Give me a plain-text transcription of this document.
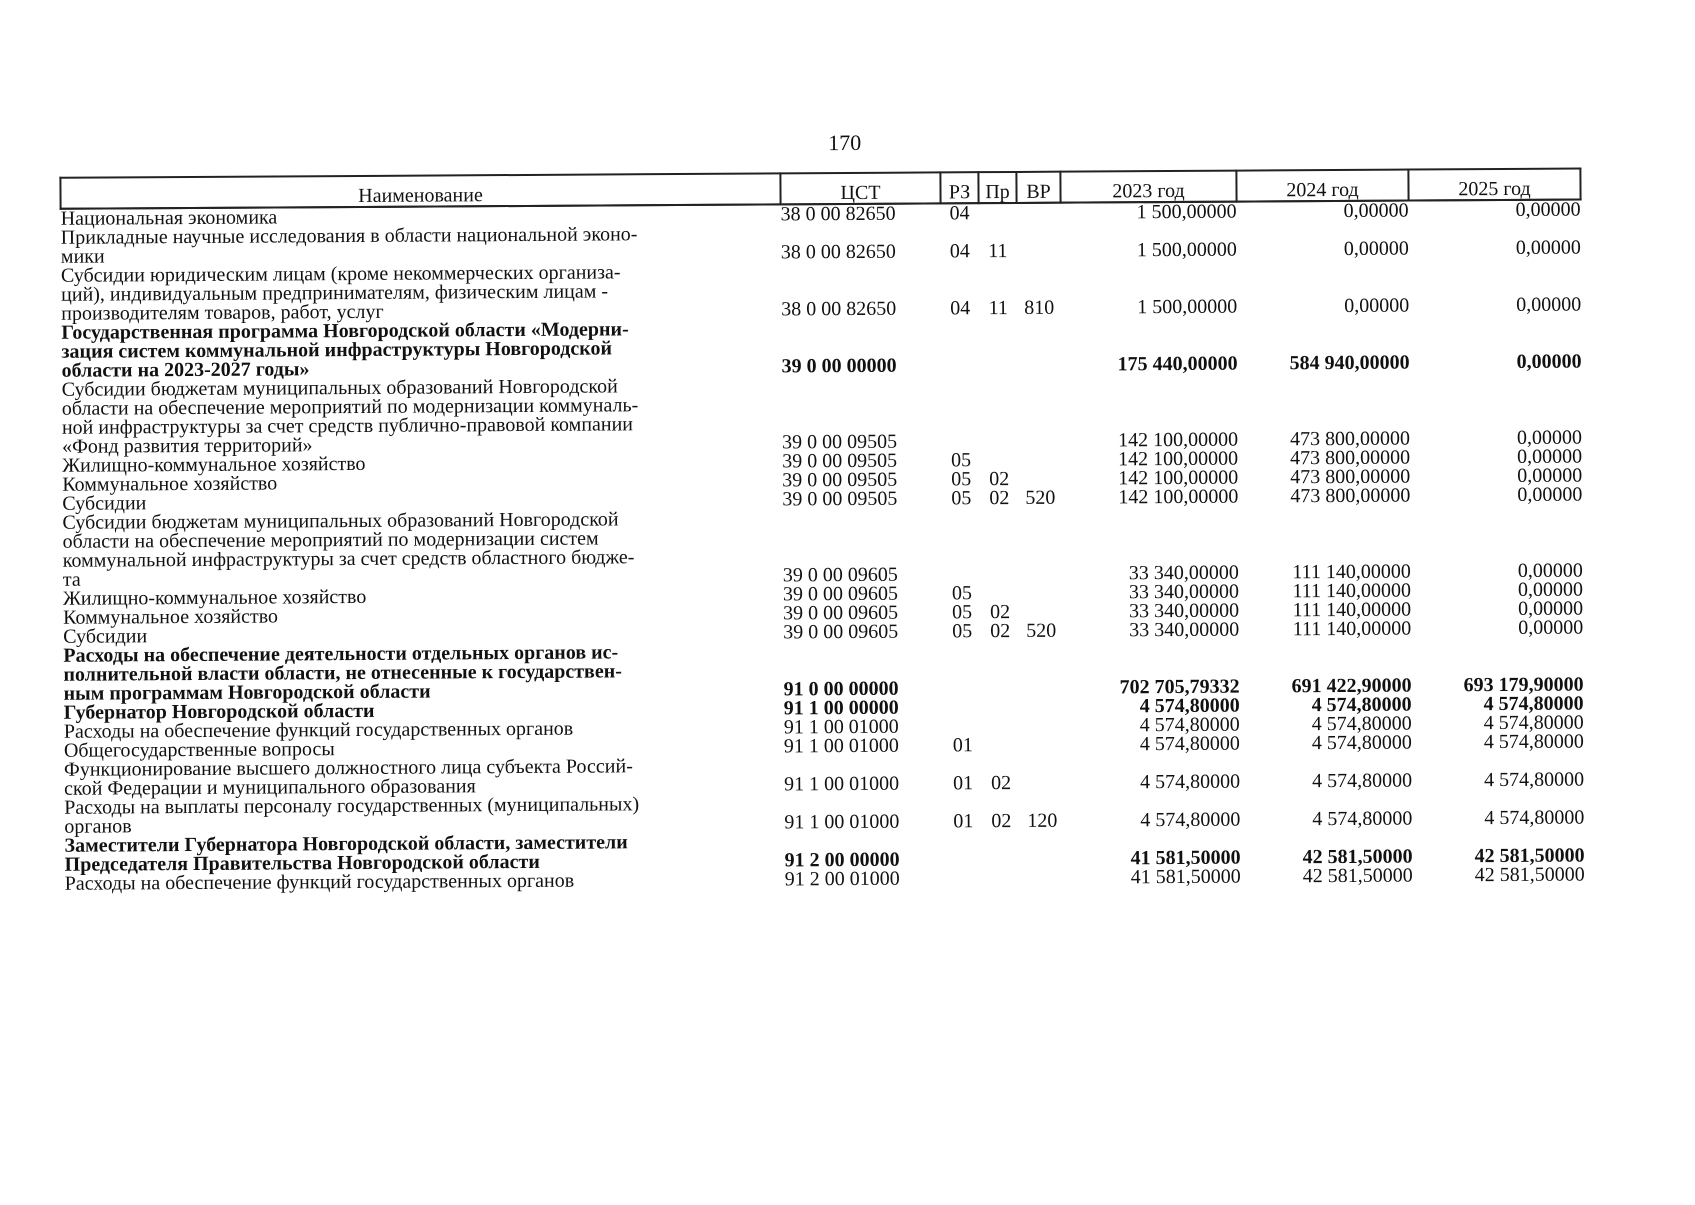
170
Наименование	ЦСТ	РЗ	Пр	ВР	2023 год	2024 год	2025 год
Национальная экономика	38 0 00 82650	04			1 500,00000	0,00000	0,00000
Прикладные научные исследования в области национальной эконо-
мики	38 0 00 82650	04	11		1 500,00000	0,00000	0,00000
Субсидии юридическим лицам (кроме некоммерческих организа-
ций), индивидуальным предпринимателям, физическим лицам -
производителям товаров, работ, услуг	38 0 00 82650	04	11	810	1 500,00000	0,00000	0,00000
Государственная программа Новгородской области «Модерни-
зация систем коммунальной инфраструктуры Новгородской
области на 2023-2027 годы»	39 0 00 00000				175 440,00000	584 940,00000	0,00000
Субсидии бюджетам муниципальных образований Новгородской
области на обеспечение мероприятий по модернизации коммуналь-
ной инфраструктуры за счет средств публично-правовой компании
«Фонд развития территорий»	39 0 00 09505				142 100,00000	473 800,00000	0,00000
Жилищно-коммунальное хозяйство	39 0 00 09505	05			142 100,00000	473 800,00000	0,00000
Коммунальное хозяйство	39 0 00 09505	05	02		142 100,00000	473 800,00000	0,00000
Субсидии	39 0 00 09505	05	02	520	142 100,00000	473 800,00000	0,00000
Субсидии бюджетам муниципальных образований Новгородской
области на обеспечение мероприятий по модернизации систем
коммунальной инфраструктуры за счет средств областного бюдже-
та	39 0 00 09605				33 340,00000	111 140,00000	0,00000
Жилищно-коммунальное хозяйство	39 0 00 09605	05			33 340,00000	111 140,00000	0,00000
Коммунальное хозяйство	39 0 00 09605	05	02		33 340,00000	111 140,00000	0,00000
Субсидии	39 0 00 09605	05	02	520	33 340,00000	111 140,00000	0,00000
Расходы на обеспечение деятельности отдельных органов ис-
полнительной власти области, не отнесенные к государствен-
ным программам Новгородской области	91 0 00 00000				702 705,79332	691 422,90000	693 179,90000
Губернатор Новгородской области	91 1 00 00000				4 574,80000	4 574,80000	4 574,80000
Расходы на обеспечение функций государственных органов	91 1 00 01000				4 574,80000	4 574,80000	4 574,80000
Общегосударственные вопросы	91 1 00 01000	01			4 574,80000	4 574,80000	4 574,80000
Функционирование высшего должностного лица субъекта Россий-
ской Федерации и муниципального образования	91 1 00 01000	01	02		4 574,80000	4 574,80000	4 574,80000
Расходы на выплаты персоналу государственных (муниципальных)
органов	91 1 00 01000	01	02	120	4 574,80000	4 574,80000	4 574,80000
Заместители Губернатора Новгородской области, заместители
Председателя Правительства Новгородской области	91 2 00 00000				41 581,50000	42 581,50000	42 581,50000
Расходы на обеспечение функций государственных органов	91 2 00 01000				41 581,50000	42 581,50000	42 581,50000
